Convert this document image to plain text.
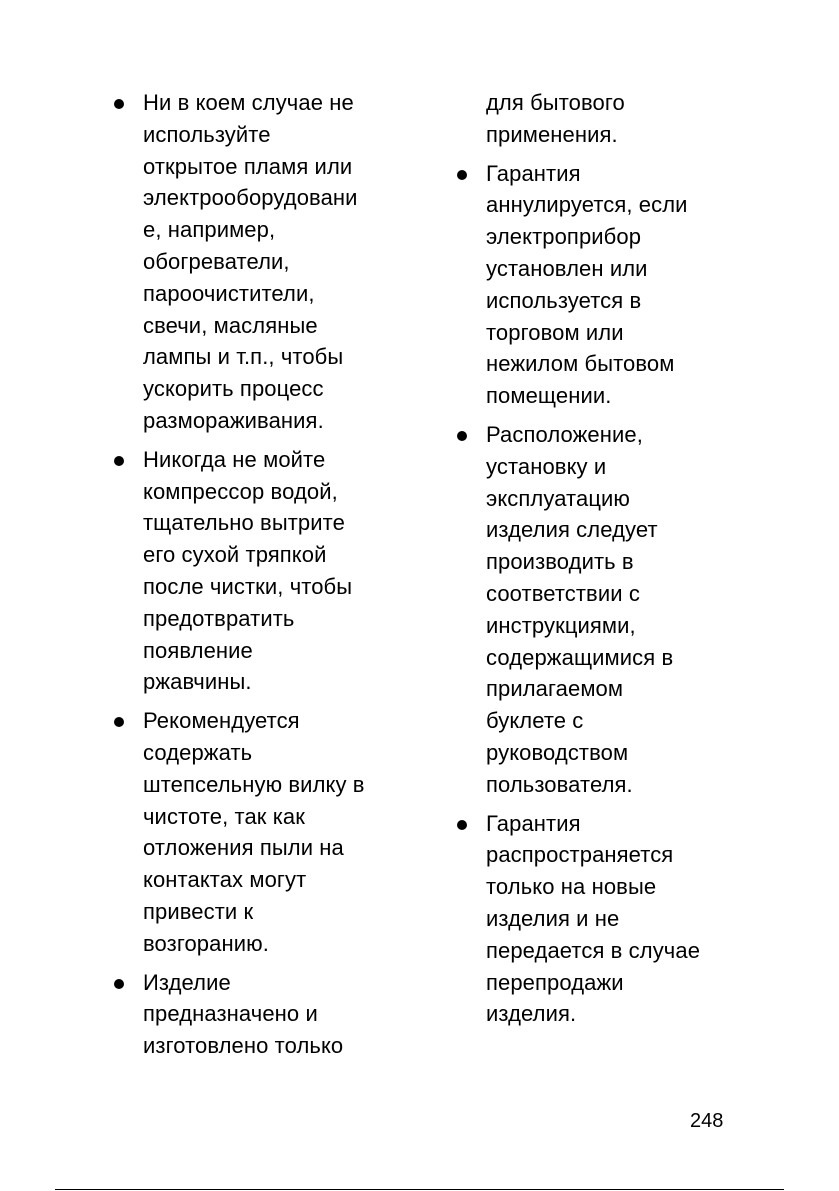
Ни в коем случае не
используйте
открытое пламя или
электрооборудовани
е, например,
обогреватели,
пароочистители,
свечи, масляные
лампы и т.п., чтобы
ускорить процесс
размораживания.
Никогда не мойте
компрессор водой,
тщательно вытрите
его сухой тряпкой
после чистки, чтобы
предотвратить
появление
ржавчины.
Рекомендуется
содержать
штепсельную вилку в
чистоте, так как
отложения пыли на
контактах могут
привести к
возгоранию.
Изделие
предназначено и
изготовлено только
для бытового
применения.
Гарантия
аннулируется, если
электроприбор
установлен или
используется в
торговом или
нежилом бытовом
помещении.
Расположение,
установку и
эксплуатацию
изделия следует
производить в
соответствии с
инструкциями,
содержащимися в
прилагаемом
буклете с
руководством
пользователя.
Гарантия
распространяется
только на новые
изделия и не
передается в случае
перепродажи
изделия.
248
